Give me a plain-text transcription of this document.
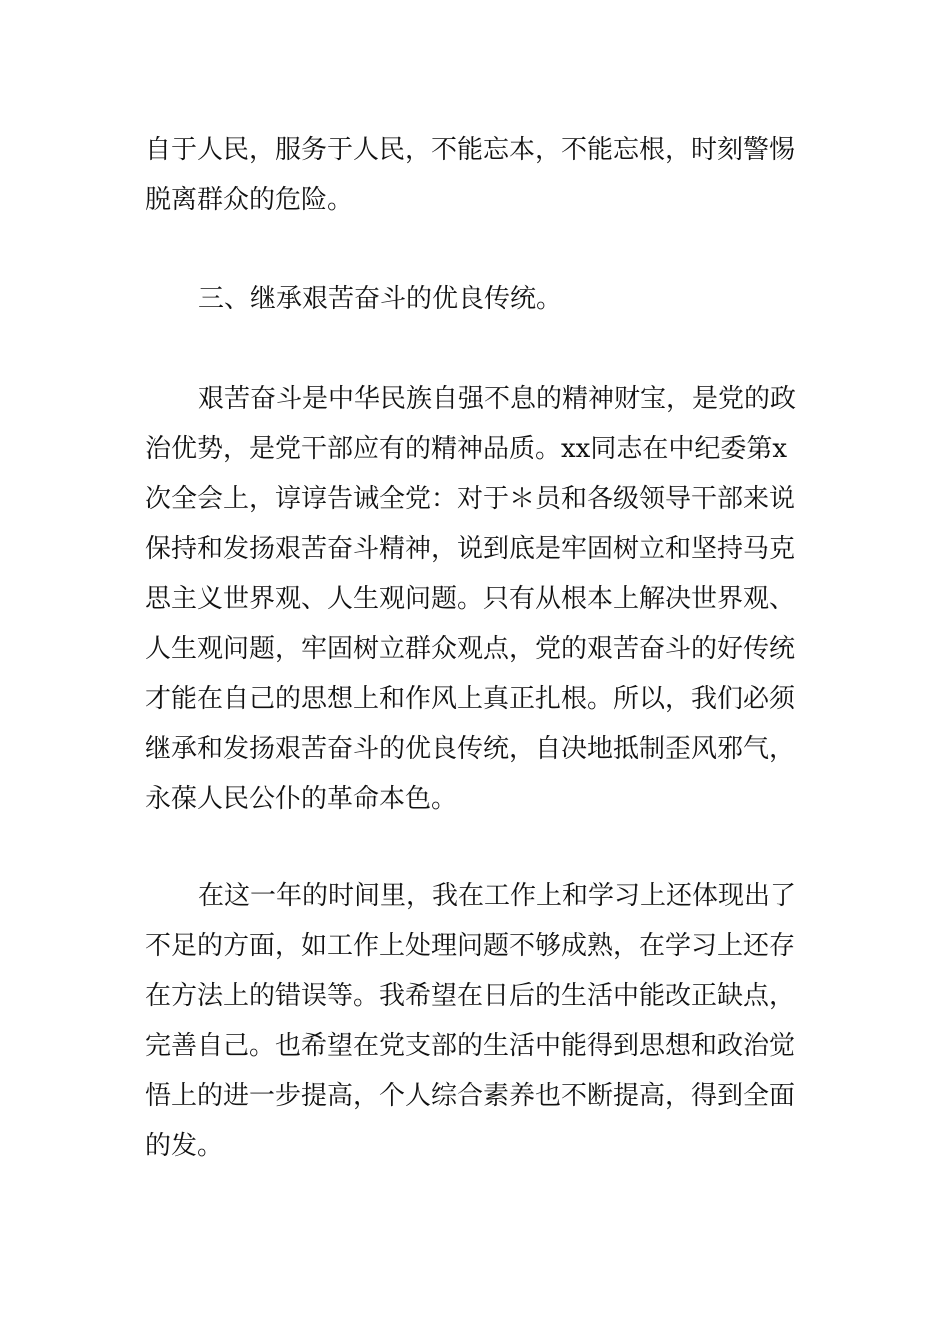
自于人民，服务于人民，不能忘本，不能忘根，时刻警惕
脱离群众的危险。

三、继承艰苦奋斗的优良传统。

艰苦奋斗是中华民族自强不息的精神财宝，是党的政
治优势，是党干部应有的精神品质。xx同志在中纪委第x
次全会上，谆谆告诫全党：对于＊员和各级领导干部来说
保持和发扬艰苦奋斗精神，说到底是牢固树立和坚持马克
思主义世界观、人生观问题。只有从根本上解决世界观、
人生观问题，牢固树立群众观点，党的艰苦奋斗的好传统
才能在自己的思想上和作风上真正扎根。所以，我们必须
继承和发扬艰苦奋斗的优良传统，自决地抵制歪风邪气，
永葆人民公仆的革命本色。

在这一年的时间里，我在工作上和学习上还体现出了
不足的方面，如工作上处理问题不够成熟，在学习上还存
在方法上的错误等。我希望在日后的生活中能改正缺点，
完善自己。也希望在党支部的生活中能得到思想和政治觉
悟上的进一步提高，个人综合素养也不断提高，得到全面
的发。
